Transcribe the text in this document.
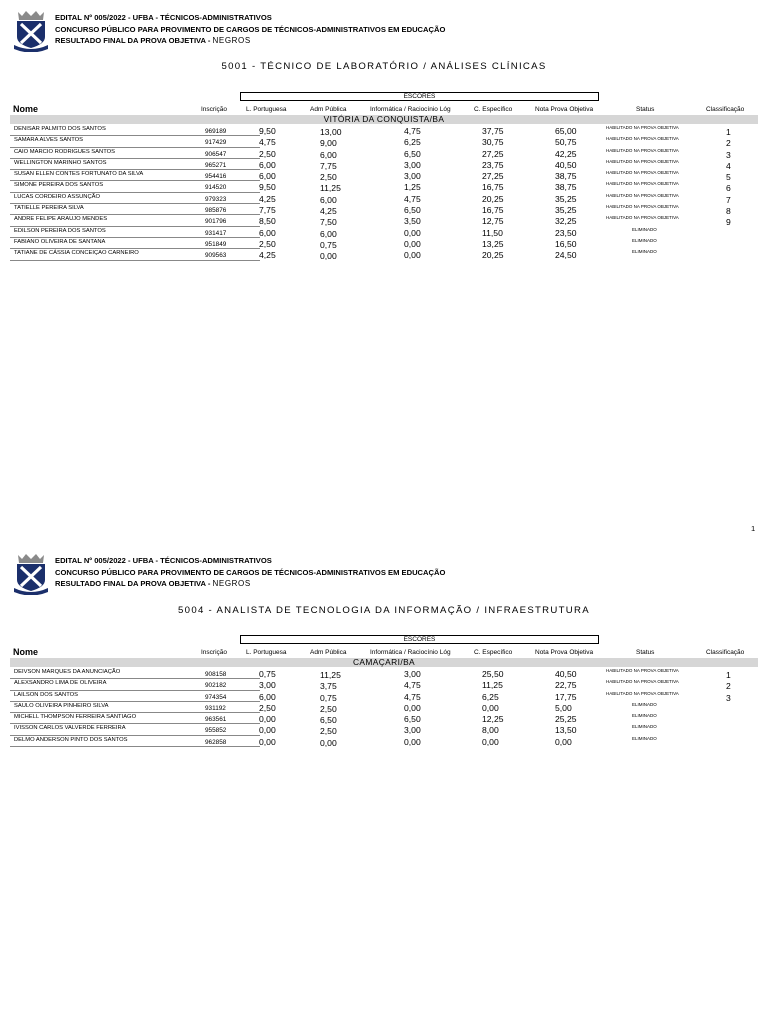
EDITAL Nº 005/2022 - UFBA - TÉCNICOS-ADMINISTRATIVOS
CONCURSO PÚBLICO PARA PROVIMENTO DE CARGOS DE TÉCNICOS-ADMINISTRATIVOS EM EDUCAÇÃO
RESULTADO FINAL DA PROVA OBJETIVA - NEGROS
5001 - TÉCNICO DE LABORATÓRIO / ANÁLISES CLÍNICAS
ESCORES
Nome	Inscrição	L. Portuguesa	Adm Pública	Informática / Raciocínio Lóg	C. Específico	Nota Prova Objetiva	Status	Classificação
VITÓRIA DA CONQUISTA/BA
DENISAR PALMITO DOS SANTOS	969189	9,50	13,00	4,75	37,75	65,00	HABILITADO NA PROVA OBJETIVA	1
SAMARA ALVES SANTOS	917429	4,75	9,00	6,25	30,75	50,75	HABILITADO NA PROVA OBJETIVA	2
CAIO MARCIO RODRIGUES SANTOS	906547	2,50	6,00	6,50	27,25	42,25	HABILITADO NA PROVA OBJETIVA	3
WELLINGTON MARINHO SANTOS	965271	6,00	7,75	3,00	23,75	40,50	HABILITADO NA PROVA OBJETIVA	4
SUSAN ELLEN CONTES FORTUNATO DA SILVA	954416	6,00	2,50	3,00	27,25	38,75	HABILITADO NA PROVA OBJETIVA	5
SIMONE PEREIRA DOS SANTOS	914520	9,50	11,25	1,25	16,75	38,75	HABILITADO NA PROVA OBJETIVA	6
LUCAS CORDEIRO ASSUNÇÃO	979323	4,25	6,00	4,75	20,25	35,25	HABILITADO NA PROVA OBJETIVA	7
TATIELLE PEREIRA SILVA	985876	7,75	4,25	6,50	16,75	35,25	HABILITADO NA PROVA OBJETIVA	8
ANDRE FELIPE ARAUJO MENDES	901796	8,50	7,50	3,50	12,75	32,25	HABILITADO NA PROVA OBJETIVA	9
EDILSON PEREIRA DOS SANTOS	931417	6,00	6,00	0,00	11,50	23,50	ELIMINADO
FABIANO OLIVEIRA DE SANTANA	951849	2,50	0,75	0,00	13,25	16,50	ELIMINADO
TATIANE DE CÁSSIA CONCEIÇAO CARNEIRO	909563	4,25	0,00	0,00	20,25	24,50	ELIMINADO
1
EDITAL Nº 005/2022 - UFBA - TÉCNICOS-ADMINISTRATIVOS
CONCURSO PÚBLICO PARA PROVIMENTO DE CARGOS DE TÉCNICOS-ADMINISTRATIVOS EM EDUCAÇÃO
RESULTADO FINAL DA PROVA OBJETIVA - NEGROS
5004 - ANALISTA DE TECNOLOGIA DA INFORMAÇÃO / INFRAESTRUTURA
ESCORES
Nome	Inscrição	L. Portuguesa	Adm Pública	Informática / Raciocínio Lóg	C. Específico	Nota Prova Objetiva	Status	Classificação
CAMAÇARI/BA
DEIVSON MARQUES DA ANUNCIAÇÃO	908158	0,75	11,25	3,00	25,50	40,50	HABILITADO NA PROVA OBJETIVA	1
ALEXSANDRO LIMA DE OLIVEIRA	902182	3,00	3,75	4,75	11,25	22,75	HABILITADO NA PROVA OBJETIVA	2
LAILSON DOS SANTOS	974354	6,00	0,75	4,75	6,25	17,75	HABILITADO NA PROVA OBJETIVA	3
SAULO OLIVEIRA PINHEIRO SILVA	931192	2,50	2,50	0,00	0,00	5,00	ELIMINADO
MICHELL THOMPSON FERREIRA SANTIAGO	963561	0,00	6,50	6,50	12,25	25,25	ELIMINADO
IVISSON CARLOS VALVERDE FERREIRA	955852	0,00	2,50	3,00	8,00	13,50	ELIMINADO
DELMO ANDERSON PINTO DOS SANTOS	962858	0,00	0,00	0,00	0,00	0,00	ELIMINADO
